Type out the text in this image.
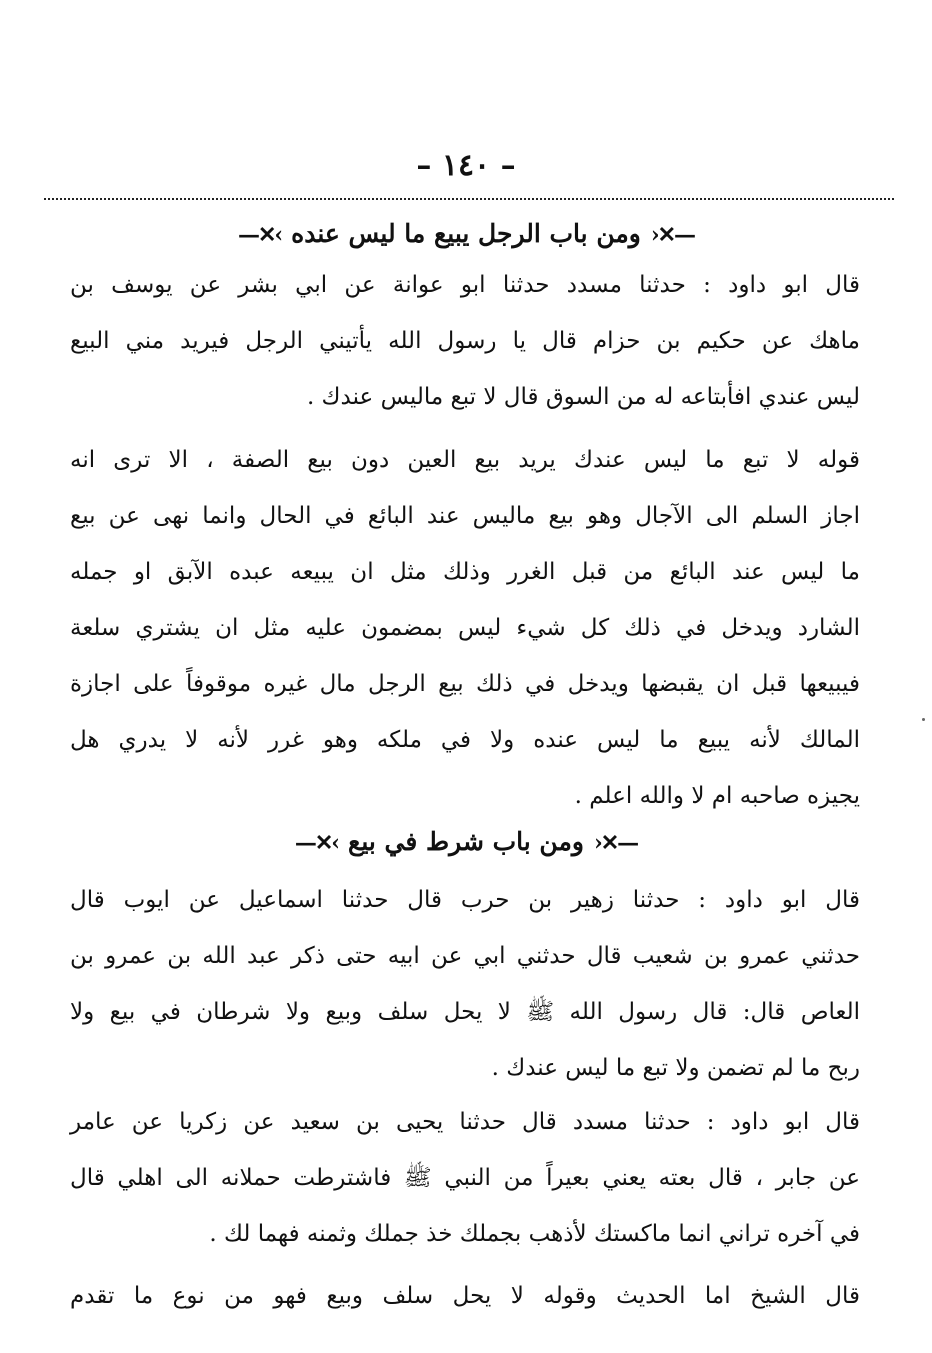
– ١٤٠ –
—✕‹ومن باب الرجل يبيع ما ليس عنده›✕—
قال ابو داود : حدثنا مسدد حدثنا ابو عوانة عن ابي بشر عن يوسف بن
ماهك عن حكيم بن حزام قال يا رسول الله يأتيني الرجل فيريد مني البيع
ليس عندي افأبتاعه له من السوق قال لا تبع ماليس عندك .
قوله لا تبع ما ليس عندك يريد بيع العين دون بيع الصفة ، الا ترى انه
اجاز السلم الى الآجال وهو بيع ماليس عند البائع في الحال وانما نهى عن بيع
ما ليس عند البائع من قبل الغرر وذلك مثل ان يبيعه عبده الآبق او جمله
الشارد ويدخل في ذلك كل شيء ليس بمضمون عليه مثل ان يشتري سلعة
فيبيعها قبل ان يقبضها ويدخل في ذلك بيع الرجل مال غيره موقوفاً على اجازة
المالك لأنه يبيع ما ليس عنده ولا في ملكه وهو غرر لأنه لا يدري هل
يجيزه صاحبه ام لا والله اعلم .
—✕‹ومن باب شرط في بيع›✕—
قال ابو داود : حدثنا زهير بن حرب قال حدثنا اسماعيل عن ايوب قال
حدثني عمرو بن شعيب قال حدثني ابي عن ابيه حتى ذكر عبد الله بن عمرو بن
العاص قال: قال رسول الله ﷺ لا يحل سلف وبيع ولا شرطان في بيع ولا
ربح ما لم تضمن ولا تبع ما ليس عندك .
قال ابو داود : حدثنا مسدد قال حدثنا يحيى بن سعيد عن زكريا عن عامر
عن جابر ، قال بعته يعني بعيراً من النبي ﷺ فاشترطت حملانه الى اهلي قال
في آخره تراني انما ماكستك لأذهب بجملك خذ جملك وثمنه فهما لك .
قال الشيخ اما الحديث وقوله لا يحل سلف وبيع فهو من نوع ما تقدم
